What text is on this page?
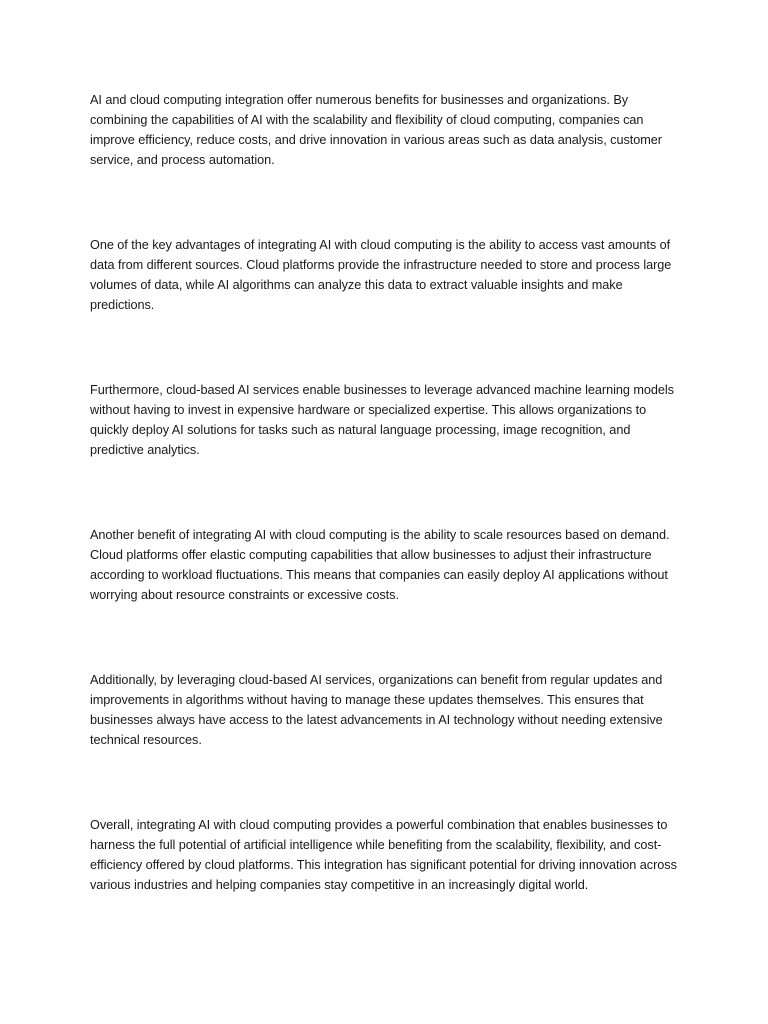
AI and cloud computing integration offer numerous benefits for businesses and organizations. By combining the capabilities of AI with the scalability and flexibility of cloud computing, companies can improve efficiency, reduce costs, and drive innovation in various areas such as data analysis, customer service, and process automation.

One of the key advantages of integrating AI with cloud computing is the ability to access vast amounts of data from different sources. Cloud platforms provide the infrastructure needed to store and process large volumes of data, while AI algorithms can analyze this data to extract valuable insights and make predictions.

Furthermore, cloud-based AI services enable businesses to leverage advanced machine learning models without having to invest in expensive hardware or specialized expertise. This allows organizations to quickly deploy AI solutions for tasks such as natural language processing, image recognition, and predictive analytics.

Another benefit of integrating AI with cloud computing is the ability to scale resources based on demand. Cloud platforms offer elastic computing capabilities that allow businesses to adjust their infrastructure according to workload fluctuations. This means that companies can easily deploy AI applications without worrying about resource constraints or excessive costs.

Additionally, by leveraging cloud-based AI services, organizations can benefit from regular updates and improvements in algorithms without having to manage these updates themselves. This ensures that businesses always have access to the latest advancements in AI technology without needing extensive technical resources.

Overall, integrating AI with cloud computing provides a powerful combination that enables businesses to harness the full potential of artificial intelligence while benefiting from the scalability, flexibility, and cost-efficiency offered by cloud platforms. This integration has significant potential for driving innovation across various industries and helping companies stay competitive in an increasingly digital world.
